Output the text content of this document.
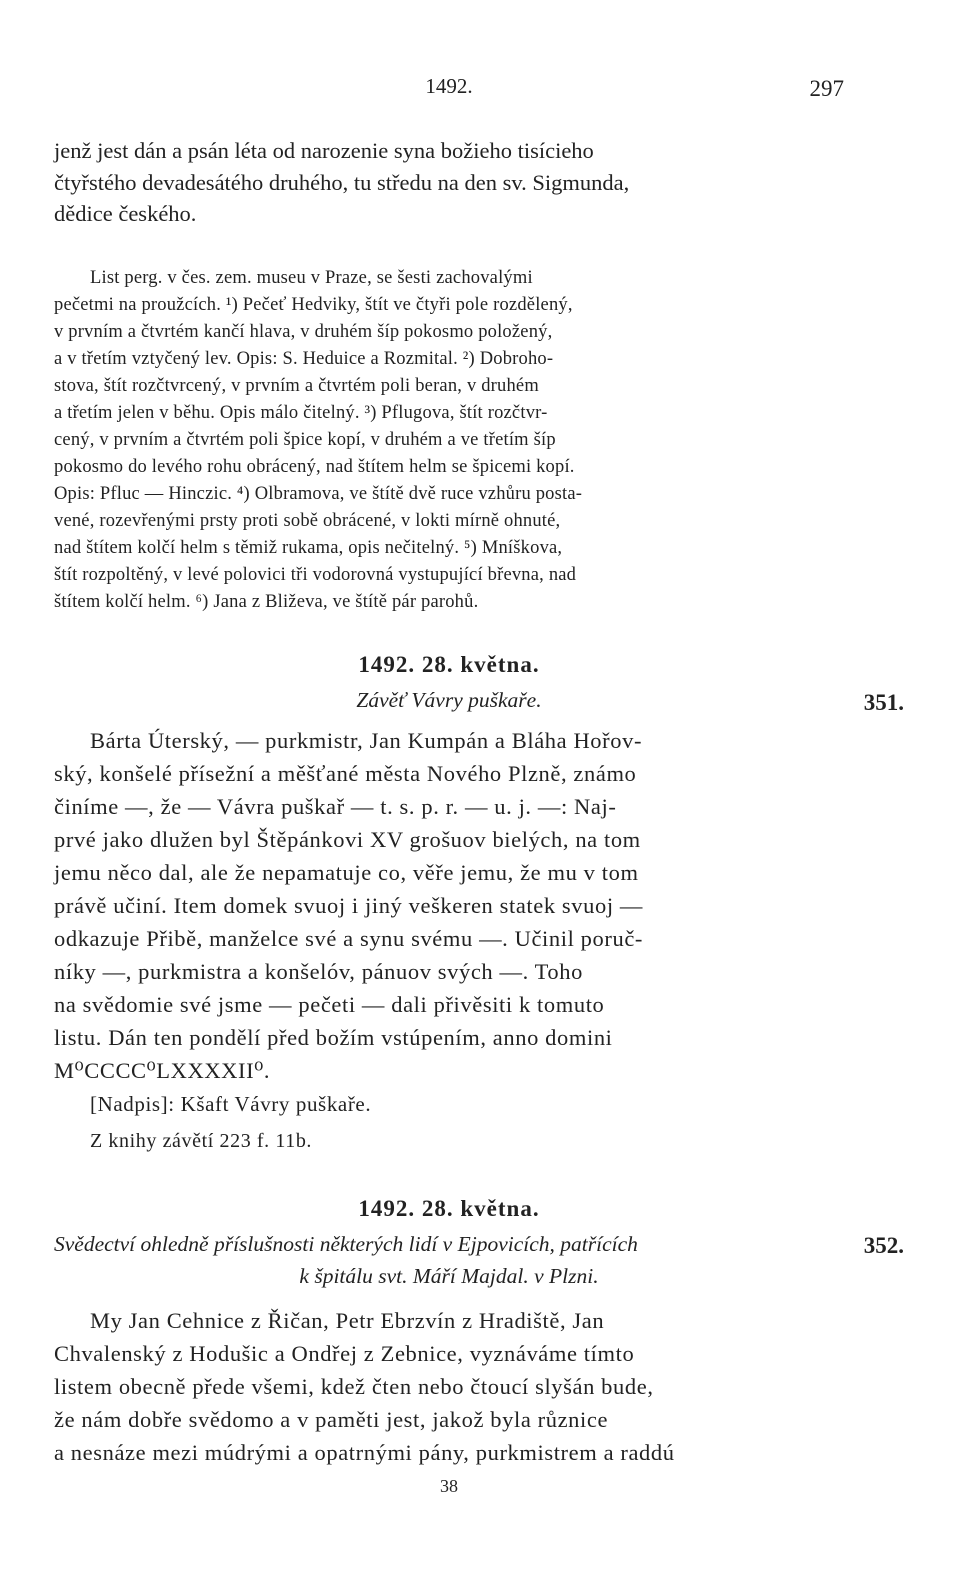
1492.	297
jenž jest dán a psán léta od narozenie syna božieho tisícieho
čtyřstého devadesátého druhého, tu středu na den sv. Sigmunda,
dědice českého.
List perg. v čes. zem. museu v Praze, se šesti zachovalými
pečetmi na proužcích. ¹) Pečeť Hedviky, štít ve čtyři pole rozdělený,
v prvním a čtvrtém kančí hlava, v druhém šíp pokosmo položený,
a v třetím vztyčený lev. Opis: S. Heduice a Rozmital. ²) Dobroho-
stova, štít rozčtvrcený, v prvním a čtvrtém poli beran, v druhém
a třetím jelen v běhu. Opis málo čitelný. ³) Pflugova, štít rozčtvr-
cený, v prvním a čtvrtém poli špice kopí, v druhém a ve třetím šíp
pokosmo do levého rohu obrácený, nad štítem helm se špicemi kopí.
Opis: Pfluc — Hinczic. ⁴) Olbramova, ve štítě dvě ruce vzhůru posta-
vené, rozevřenými prsty proti sobě obrácené, v lokti mírně ohnuté,
nad štítem kolčí helm s těmiž rukama, opis nečitelný. ⁵) Mníškova,
štít rozpoltěný, v levé polovici tři vodorovná vystupující břevna, nad
štítem kolčí helm. ⁶) Jana z Bliževa, ve štítě pár parohů.
1492. 28. května.
Závěť Vávry puškaře.	351.
Bárta Úterský, — purkmistr, Jan Kumpán a Bláha Hořov-
ský, konšelé přísežní a měšťané města Nového Plzně, známo
činíme —, že — Vávra puškař — t. s. p. r. — u. j. —: Naj-
prvé jako dlužen byl Štěpánkovi XV grošuov bielých, na tom
jemu něco dal, ale že nepamatuje co, věře jemu, že mu v tom
právě učiní. Item domek svuoj i jiný veškeren statek svuoj —
odkazuje Přibě, manželce své a synu svému —. Učinil poruč-
níky —, purkmistra a konšelóv, pánuov svých —. Toho
na svědomie své jsme — pečeti — dali přivěsiti k tomuto
listu. Dán ten pondělí před božím vstúpením, anno domini
M⁰CCCC⁰LXXXXII⁰.
[Nadpis]: Kšaft Vávry puškaře.
Z knihy závětí 223 f. 11b.
1492. 28. května.
Svědectví ohledně příslušnosti některých lidí v Ejpovicích, patřících	352.
k špitálu svt. Máří Majdal. v Plzni.
My Jan Cehnice z Řičan, Petr Ebrzvín z Hradiště, Jan
Chvalenský z Hodušic a Ondřej z Zebnice, vyznáváme tímto
listem obecně přede všemi, kdež čten nebo čtoucí slyšán bude,
že nám dobře svědomo a v paměti jest, jakož byla různice
a nesnáze mezi múdrými a opatrnými pány, purkmistrem a raddú
38
